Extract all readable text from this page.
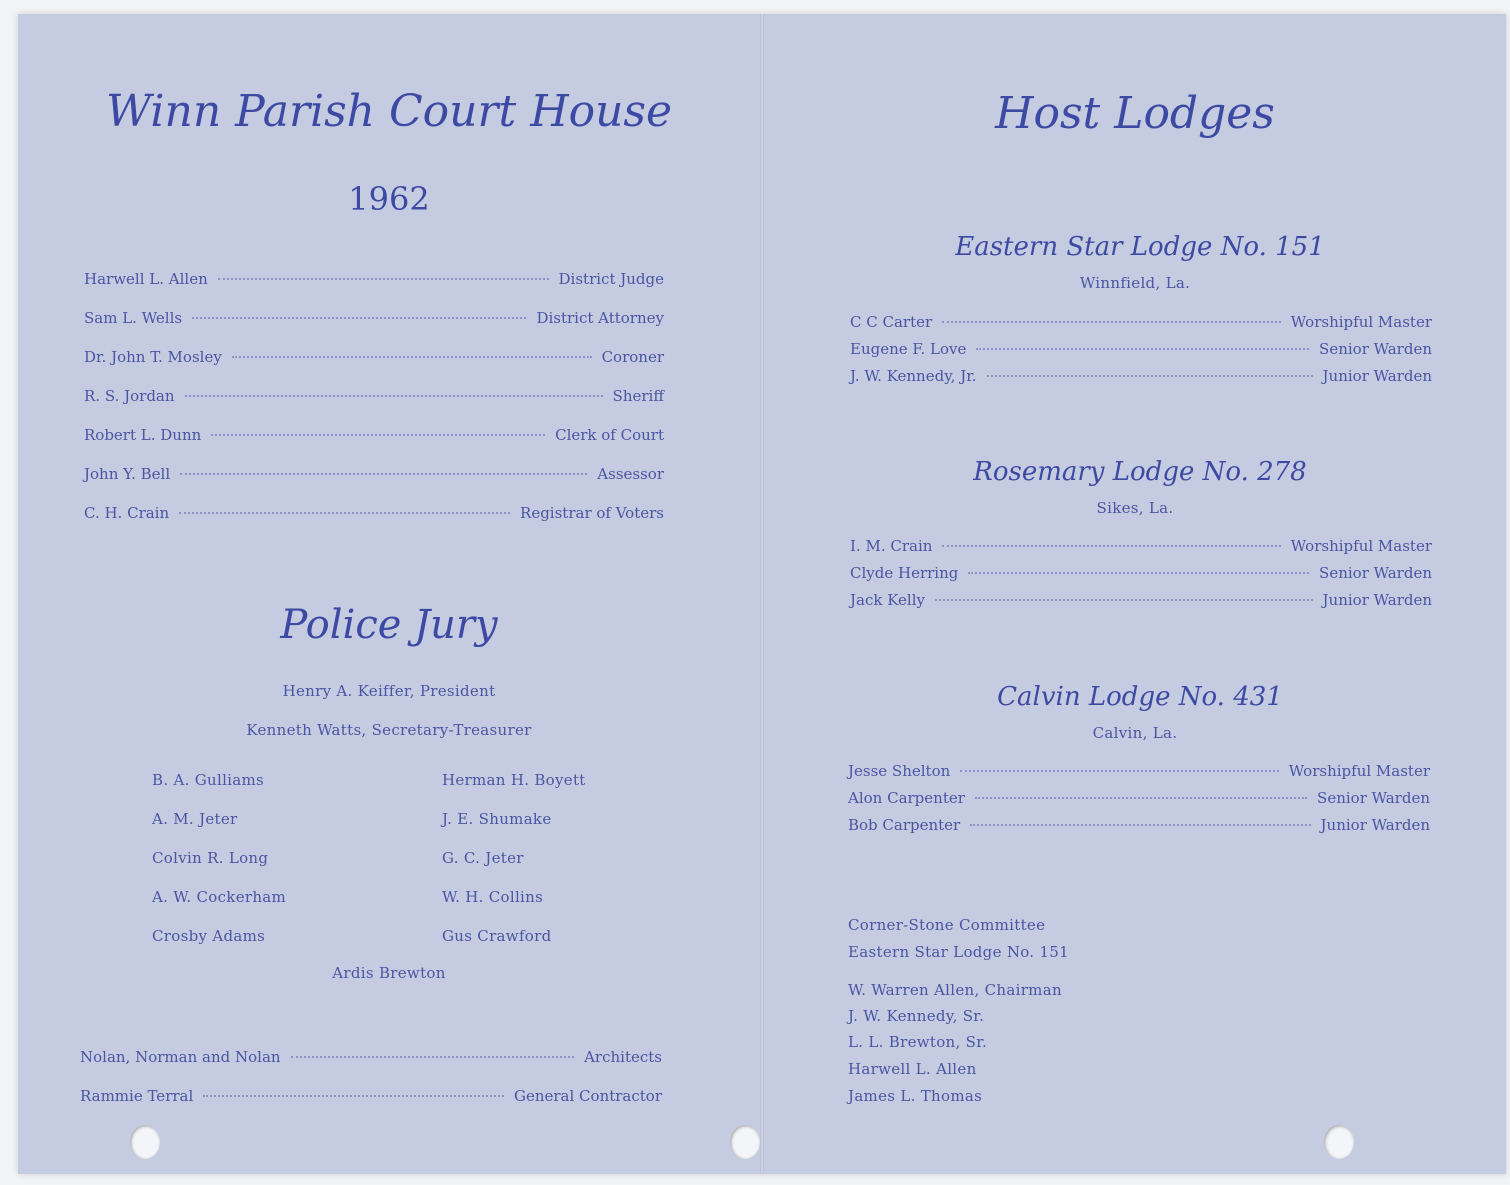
Winn Parish Court House
1962
Harwell L. Allen	District Judge
Sam L. Wells	District Attorney
Dr. John T. Mosley	Coroner
R. S. Jordan	Sheriff
Robert L. Dunn	Clerk of Court
John Y. Bell	Assessor
C. H. Crain	Registrar of Voters
Police Jury
Henry A. Keiffer, President
Kenneth Watts, Secretary-Treasurer
B. A. Gulliams
A. M. Jeter
Colvin R. Long
A. W. Cockerham
Crosby Adams
Herman H. Boyett
J. E. Shumake
G. C. Jeter
W. H. Collins
Gus Crawford
Ardis Brewton
Nolan, Norman and Nolan	Architects
Rammie Terral	General Contractor
Host Lodges
Eastern Star Lodge No. 151
Winnfield, La.
C C Carter	Worshipful Master
Eugene F. Love	Senior Warden
J. W. Kennedy, Jr.	Junior Warden
Rosemary Lodge No. 278
Sikes, La.
I. M. Crain	Worshipful Master
Clyde Herring	Senior Warden
Jack Kelly	Junior Warden
Calvin Lodge No. 431
Calvin, La.
Jesse Shelton	Worshipful Master
Alon Carpenter	Senior Warden
Bob Carpenter	Junior Warden
Corner-Stone Committee
Eastern Star Lodge No. 151
W. Warren Allen, Chairman
J. W. Kennedy, Sr.
L. L. Brewton, Sr.
Harwell L. Allen
James L. Thomas
